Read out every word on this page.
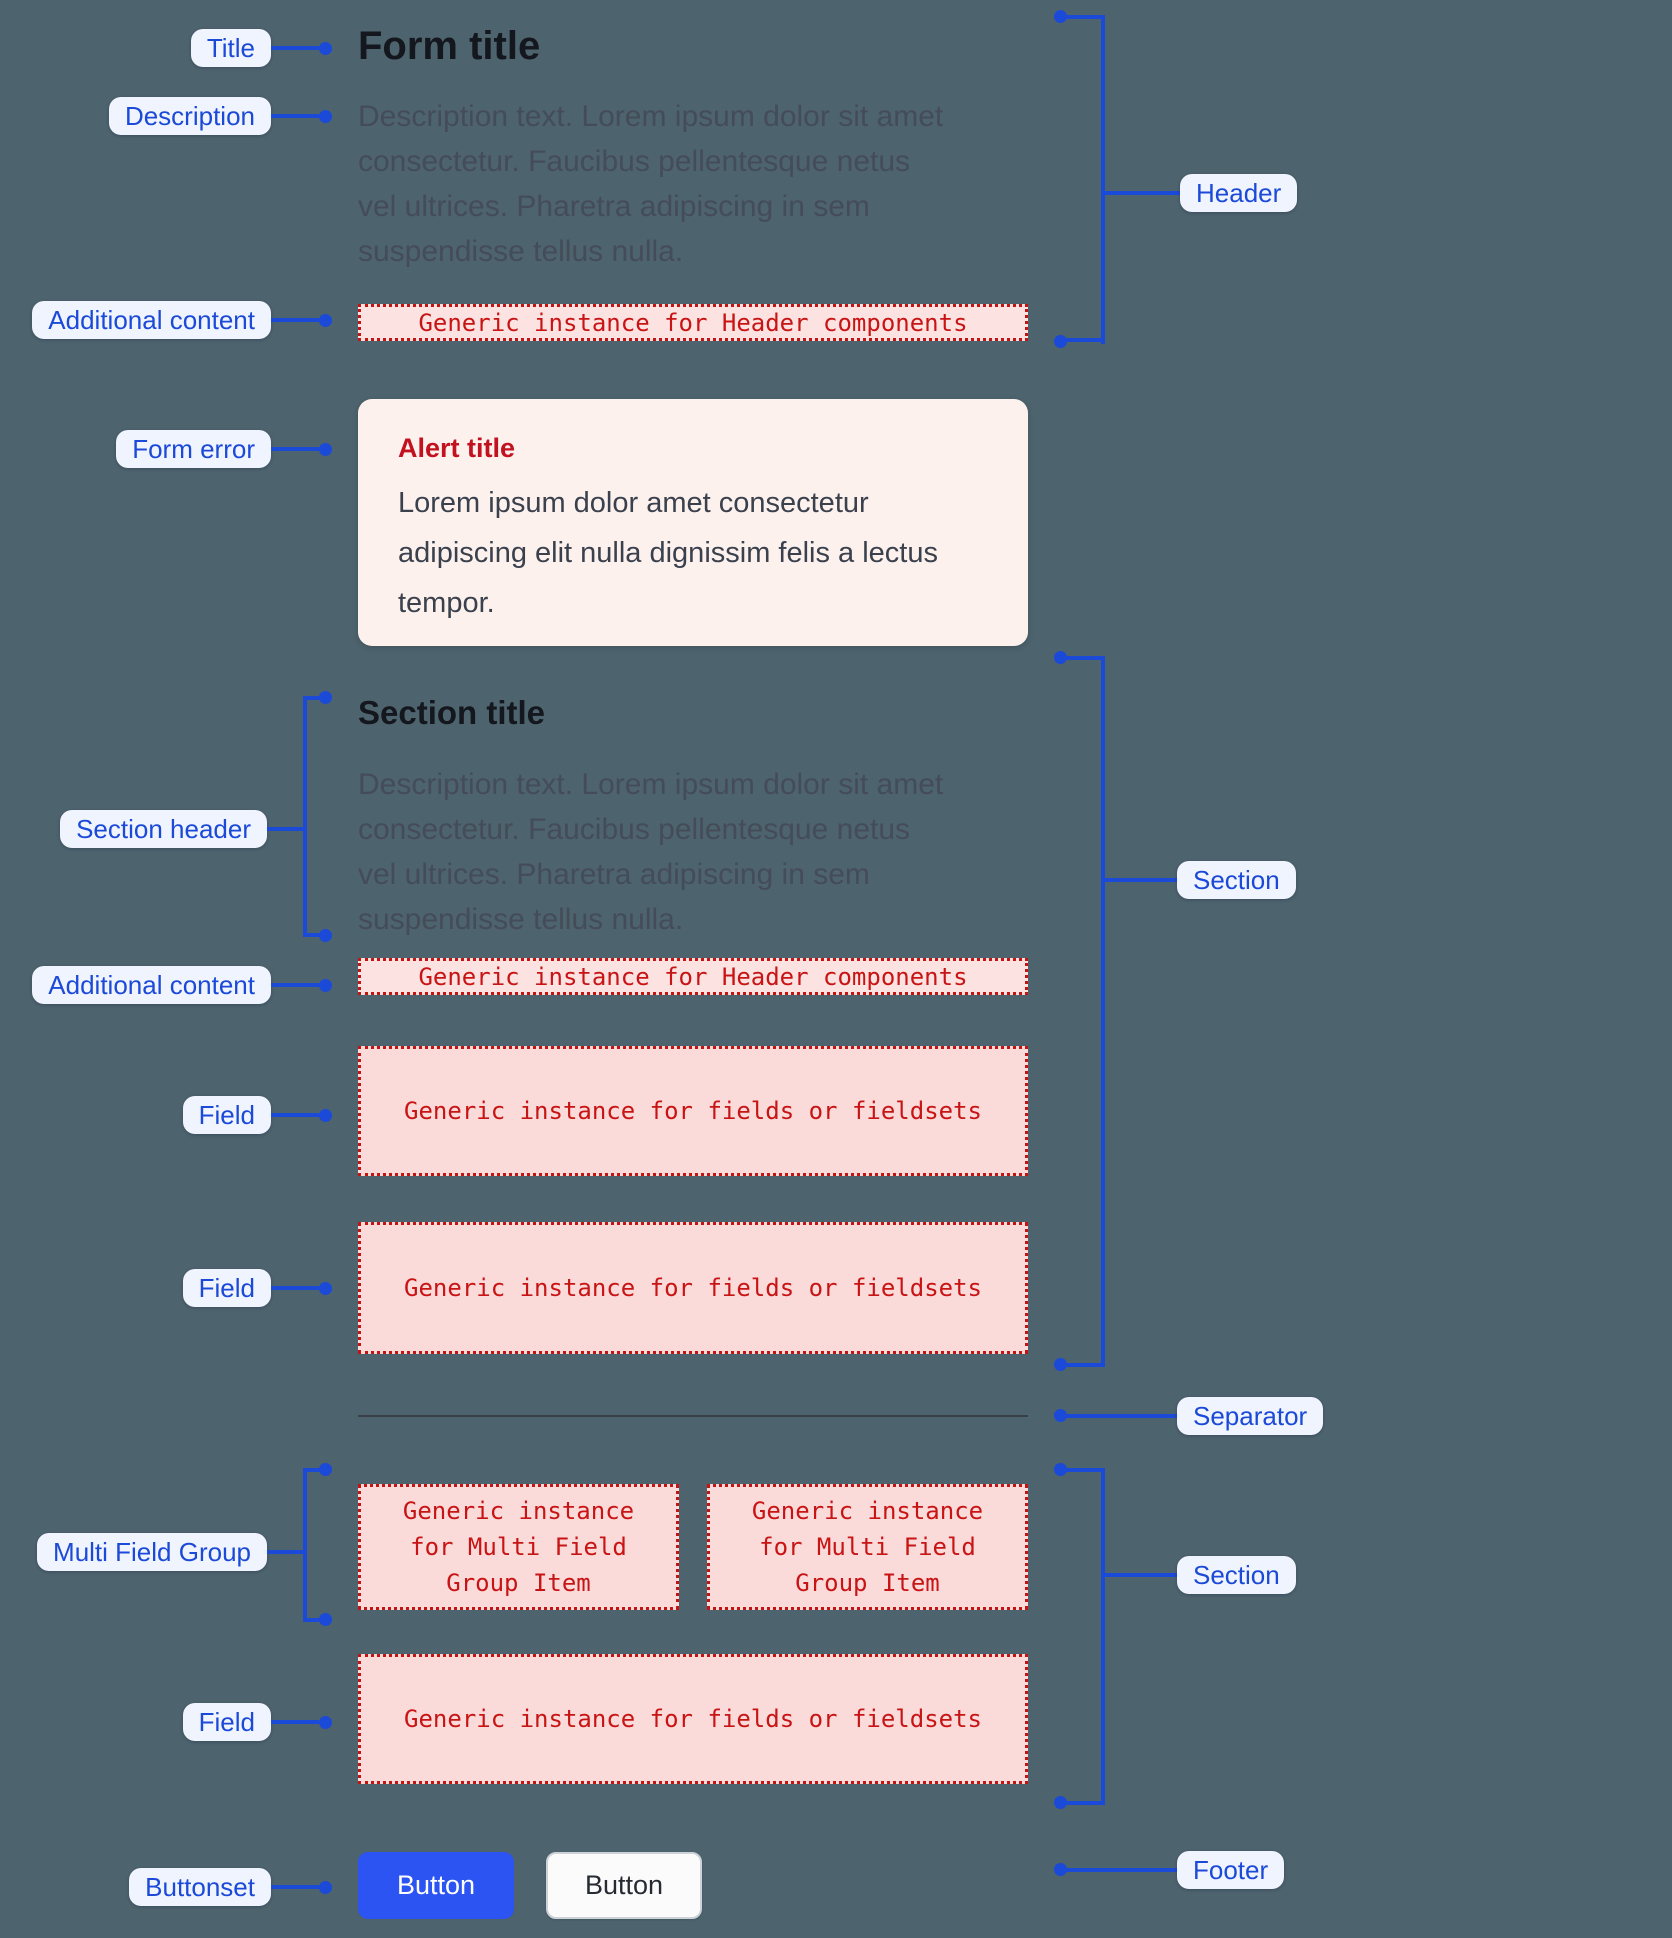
Form title

Description text. Lorem ipsum dolor sit amet consectetur. Faucibus pellentesque netus vel ultrices. Pharetra adipiscing in sem suspendisse tellus nulla.

Generic instance for Header components
Alert title
Lorem ipsum dolor amet consectetur adipiscing elit nulla dignissim felis a lectus tempor.
Section title

Description text. Lorem ipsum dolor sit amet consectetur. Faucibus pellentesque netus vel ultrices. Pharetra adipiscing in sem suspendisse tellus nulla.

Generic instance for Header components
Generic instance for fields or fieldsets
Generic instance for fields or fieldsets
Generic instance for Multi Field Group Item
Generic instance for Multi Field Group Item
Generic instance for fields or fieldsets
Button	Button
Title
Description
Additional content
Form error
Section header
Additional content
Field
Field
Multi Field Group
Field
Buttonset
Header
Section
Separator
Section
Footer
